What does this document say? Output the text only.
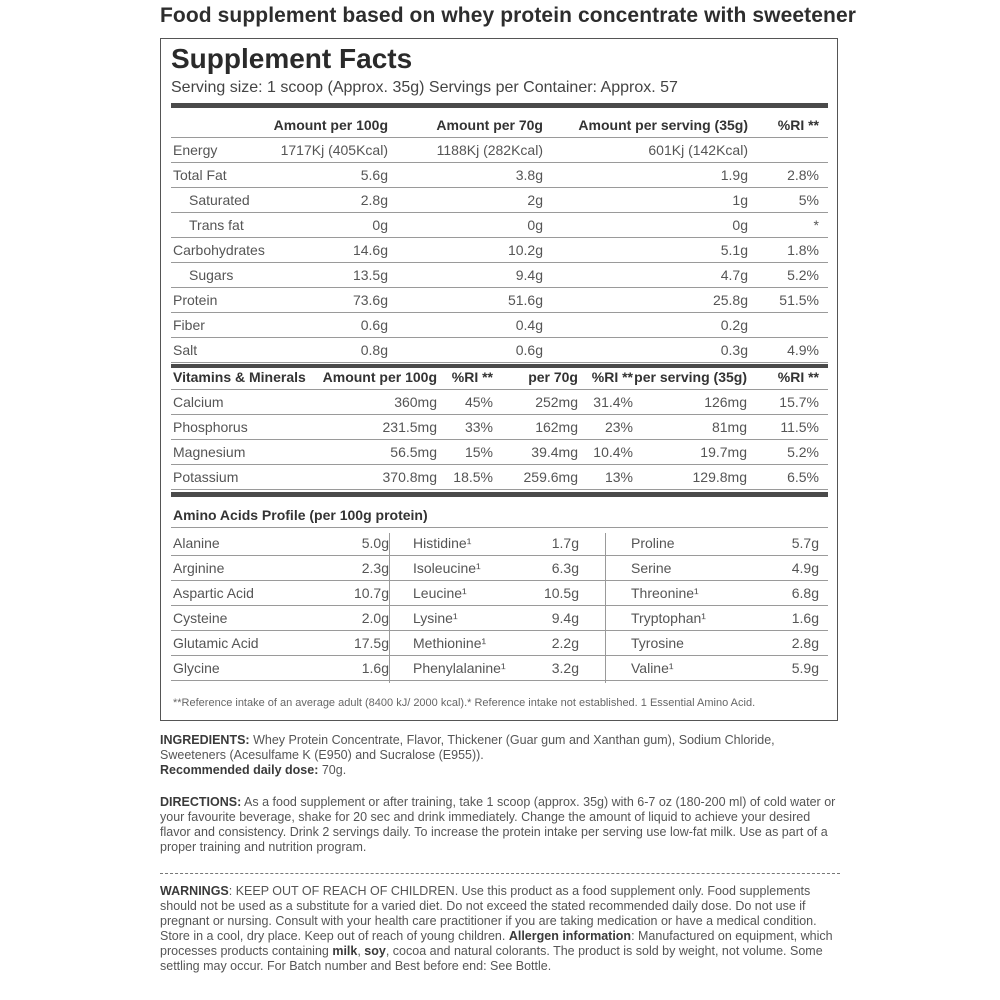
Food supplement based on whey protein concentrate with sweetener
Supplement Facts
Serving size: 1 scoop (Approx. 35g) Servings per Container: Approx. 57
Amount per 100g	Amount per 70g	Amount per serving (35g) %RI **
Energy	1717Kj (405Kcal)	1188Kj (282Kcal)	601Kj (142Kcal)
Total Fat	5.6g	3.8g	1.9g	2.8%
Saturated	2.8g	2g	1g	5%
Trans fat	0g	0g	0g	*
Carbohydrates	14.6g	10.2g	5.1g	1.8%
Sugars	13.5g	9.4g	4.7g	5.2%
Protein	73.6g	51.6g	25.8g 51.5%
Fiber	0.6g	0.4g	0.2g
Salt	0.8g	0.6g	0.3g	4.9%
Vitamins & Minerals Amount per 100g %RI **	per 70g %RI ** per serving (35g) %RI **
Calcium	360mg 45%	252mg 31.4%	126mg 15.7%
Phosphorus	231.5mg 33%	162mg 23%	81mg 11.5%
Magnesium	56.5mg 15%	39.4mg 10.4%	19.7mg	5.2%
Potassium	370.8mg 18.5% 259.6mg 13%	129.8mg	6.5%
Amino Acids Profile (per 100g protein)
Alanine	5.0g Histidine¹	1.7g	Proline	5.7g
Arginine	2.3g Isoleucine¹	6.3g	Serine	4.9g
Aspartic Acid	10.7g Leucine¹	10.5g	Threonine¹	6.8g
Cysteine	2.0g Lysine¹	9.4g	Tryptophan¹	1.6g
Glutamic Acid	17.5g Methionine¹	2.2g	Tyrosine	2.8g
Glycine	1.6g Phenylalanine¹	3.2g	Valine¹	5.9g
**Reference intake of an average adult (8400 kJ/ 2000 kcal).* Reference intake not established. 1 Essential Amino Acid.
INGREDIENTS: Whey Protein Concentrate, Flavor, Thickener (Guar gum and Xanthan gum), Sodium Chloride, Sweeteners (Acesulfame K (E950) and Sucralose (E955)).
Recommended daily dose: 70g.
DIRECTIONS: As a food supplement or after training, take 1 scoop (approx. 35g) with 6-7 oz (180-200 ml) of cold water or your favourite beverage, shake for 20 sec and drink immediately. Change the amount of liquid to achieve your desired flavor and consistency. Drink 2 servings daily. To increase the protein intake per serving use low-fat milk. Use as part of a proper training and nutrition program.
WARNINGS: KEEP OUT OF REACH OF CHILDREN. Use this product as a food supplement only. Food supplements should not be used as a substitute for a varied diet. Do not exceed the stated recommended daily dose. Do not use if pregnant or nursing. Consult with your health care practitioner if you are taking medication or have a medical condition. Store in a cool, dry place. Keep out of reach of young children. Allergen information: Manufactured on equipment, which processes products containing milk, soy, cocoa and natural colorants. The product is sold by weight, not volume. Some settling may occur. For Batch number and Best before end: See Bottle.
